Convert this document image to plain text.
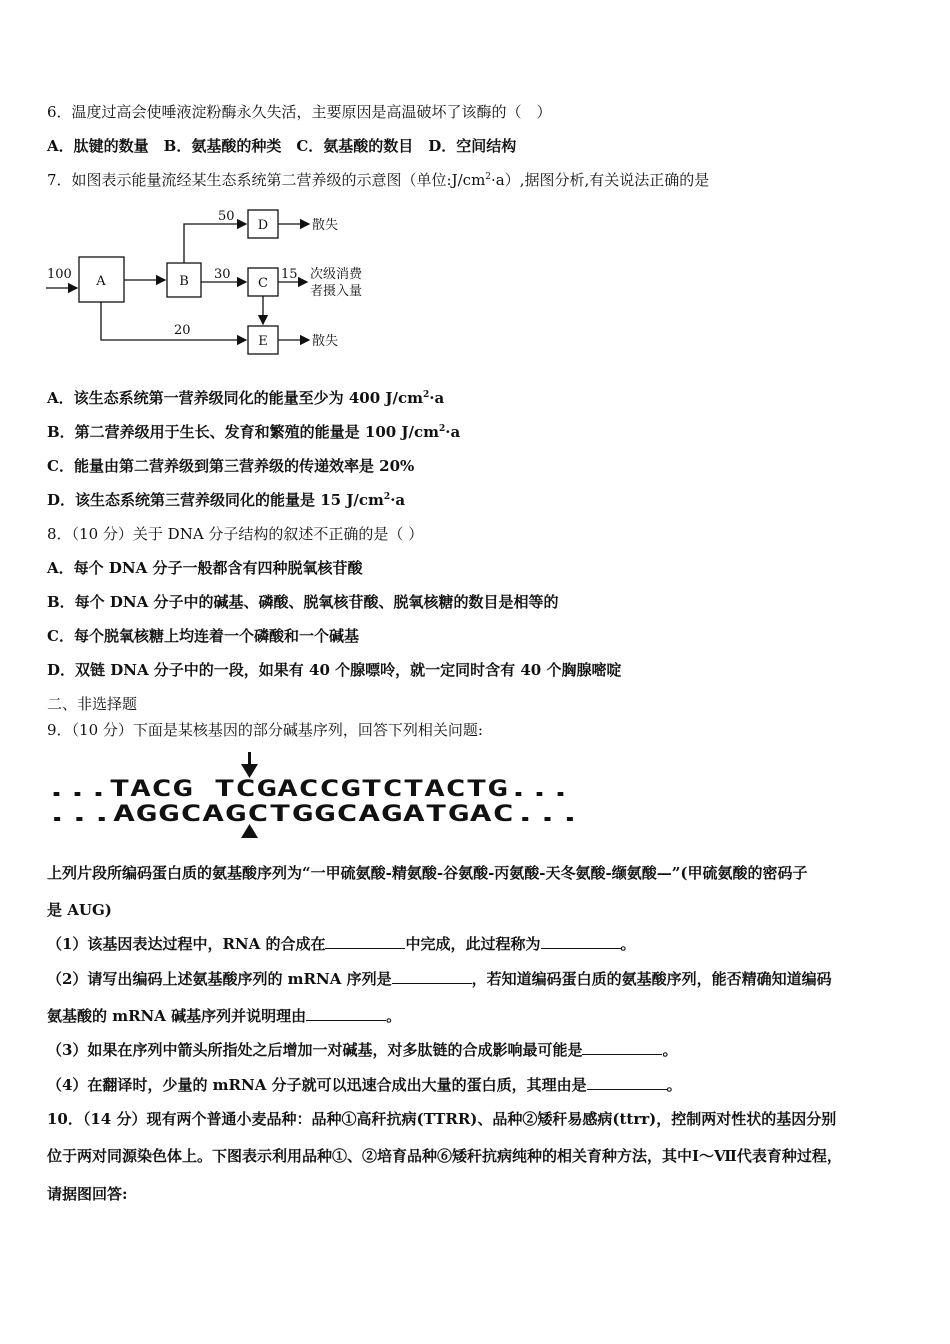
6．温度过高会使唾液淀粉酶永久失活，主要原因是高温破坏了该酶的（　）
A．肽键的数量　B．氨基酸的种类　C．氨基酸的数目　D．空间结构
7．如图表示能量流经某生态系统第二营养级的示意图（单位$:J/cm^2\cdot a$）,据图分析,有关说法正确的是
A	B	C
D
E
100
50
30	15
20
散失
散失
次级消费
者摄入量
A．该生态系统第一营养级同化的能量至少为 400 $J/cm^2\cdot a$
B．第二营养级用于生长、发育和繁殖的能量是 100 $J/cm^2\cdot a$
C．能量由第二营养级到第三营养级的传递效率是 20%
D．该生态系统第三营养级同化的能量是 15 $J/cm^2\cdot a$
8．（10 分）关于 DNA 分子结构的叙述不正确的是（ ）
A．每个 DNA 分子一般都含有四种脱氧核苷酸
B．每个 DNA 分子中的碱基、磷酸、脱氧核苷酸、脱氧核糖的数目是相等的
C．每个脱氧核糖上均连着一个磷酸和一个碱基
D．双链 DNA 分子中的一段，如果有 40 个腺嘌呤，就一定同时含有 40 个胸腺嘧啶
二、非选择题
9．（10 分）下面是某核基因的部分碱基序列，回答下列相关问题:
...TACG TCGACCGTCTACTG...
...AGGCAGCTGGCAGATGAC...
上列片段所编码蛋白质的氨基酸序列为“一甲硫氨酸-精氨酸-谷氨酸-丙氨酸-天冬氨酸-缬氨酸—”(甲硫氨酸的密码子
是 AUG)
（1）该基因表达过程中，RNA 的合成在	中完成，此过程称为	。
（2）请写出编码上述氨基酸序列的 mRNA 序列是	，若知道编码蛋白质的氨基酸序列，能否精确知道编码
氨基酸的 mRNA 碱基序列并说明理由	。
（3）如果在序列中箭头所指处之后增加一对碱基，对多肽链的合成影响最可能是	。
（4）在翻译时，少量的 mRNA 分子就可以迅速合成出大量的蛋白质，其理由是	。
10．（14 分）现有两个普通小麦品种：品种①高秆抗病(TTRR)、品种②矮秆易感病(ttrr)，控制两对性状的基因分别
位于两对同源染色体上。下图表示利用品种①、②培育品种⑥矮秆抗病纯种的相关育种方法，其中Ⅰ～Ⅶ代表育种过程，
请据图回答:
